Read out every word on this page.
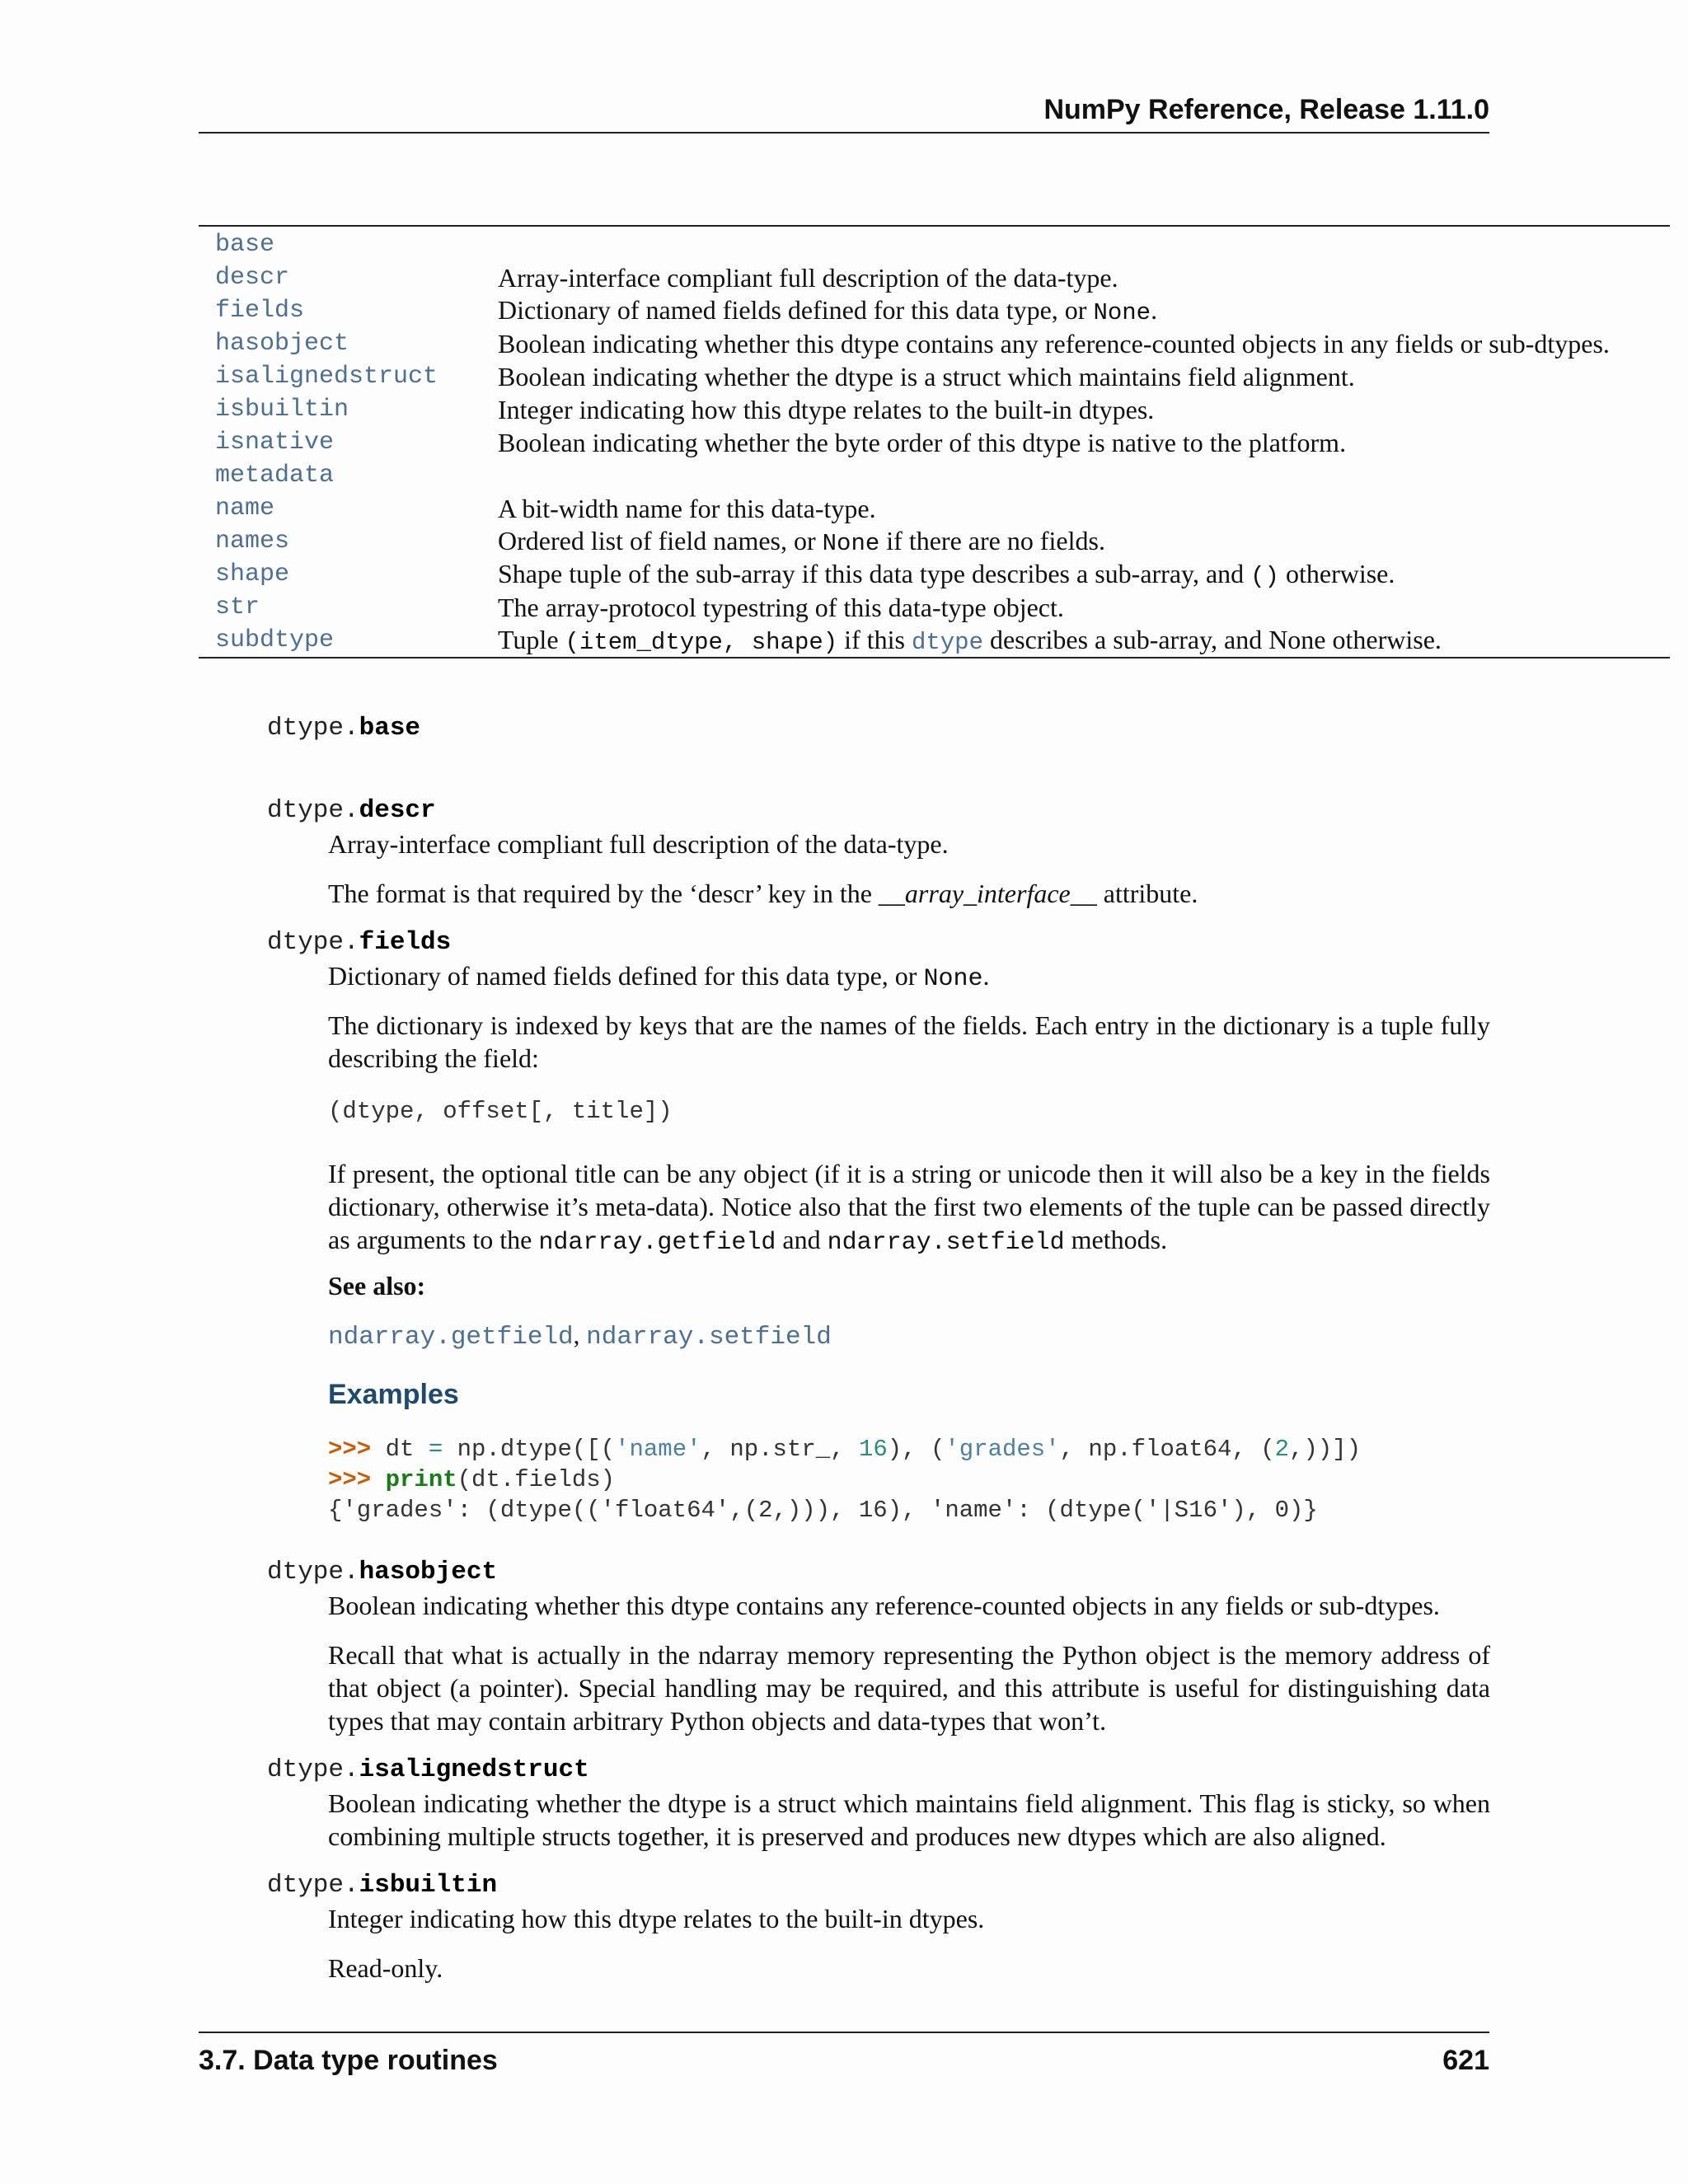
NumPy Reference, Release 1.11.0
base	
descr	Array-interface compliant full description of the data-type.
fields	Dictionary of named fields defined for this data type, or None.
hasobject	Boolean indicating whether this dtype contains any reference-counted objects in any fields or sub-dtypes.
isalignedstruct	Boolean indicating whether the dtype is a struct which maintains field alignment.
isbuiltin	Integer indicating how this dtype relates to the built-in dtypes.
isnative	Boolean indicating whether the byte order of this dtype is native to the platform.
metadata	
name	A bit-width name for this data-type.
names	Ordered list of field names, or None if there are no fields.
shape	Shape tuple of the sub-array if this data type describes a sub-array, and () otherwise.
str	The array-protocol typestring of this data-type object.
subdtype	Tuple (item_dtype, shape) if this dtype describes a sub-array, and None otherwise.
dtype.base
dtype.descr
Array-interface compliant full description of the data-type.
The format is that required by the ‘descr’ key in the __array_interface__ attribute.
dtype.fields
Dictionary of named fields defined for this data type, or None.
The dictionary is indexed by keys that are the names of the fields. Each entry in the dictionary is a tuple fully describing the field:
(dtype, offset[, title])
If present, the optional title can be any object (if it is a string or unicode then it will also be a key in the fields dictionary, otherwise it’s meta-data). Notice also that the first two elements of the tuple can be passed directly as arguments to the ndarray.getfield and ndarray.setfield methods.
See also:
ndarray.getfield, ndarray.setfield
Examples
>>> dt = np.dtype([('name', np.str_, 16), ('grades', np.float64, (2,))])
>>> print(dt.fields)
{'grades': (dtype(('float64',(2,))), 16), 'name': (dtype('|S16'), 0)}
dtype.hasobject
Boolean indicating whether this dtype contains any reference-counted objects in any fields or sub-dtypes.
Recall that what is actually in the ndarray memory representing the Python object is the memory address of that object (a pointer). Special handling may be required, and this attribute is useful for distinguishing data types that may contain arbitrary Python objects and data-types that won’t.
dtype.isalignedstruct
Boolean indicating whether the dtype is a struct which maintains field alignment. This flag is sticky, so when combining multiple structs together, it is preserved and produces new dtypes which are also aligned.
dtype.isbuiltin
Integer indicating how this dtype relates to the built-in dtypes.
Read-only.
3.7. Data type routines	621
